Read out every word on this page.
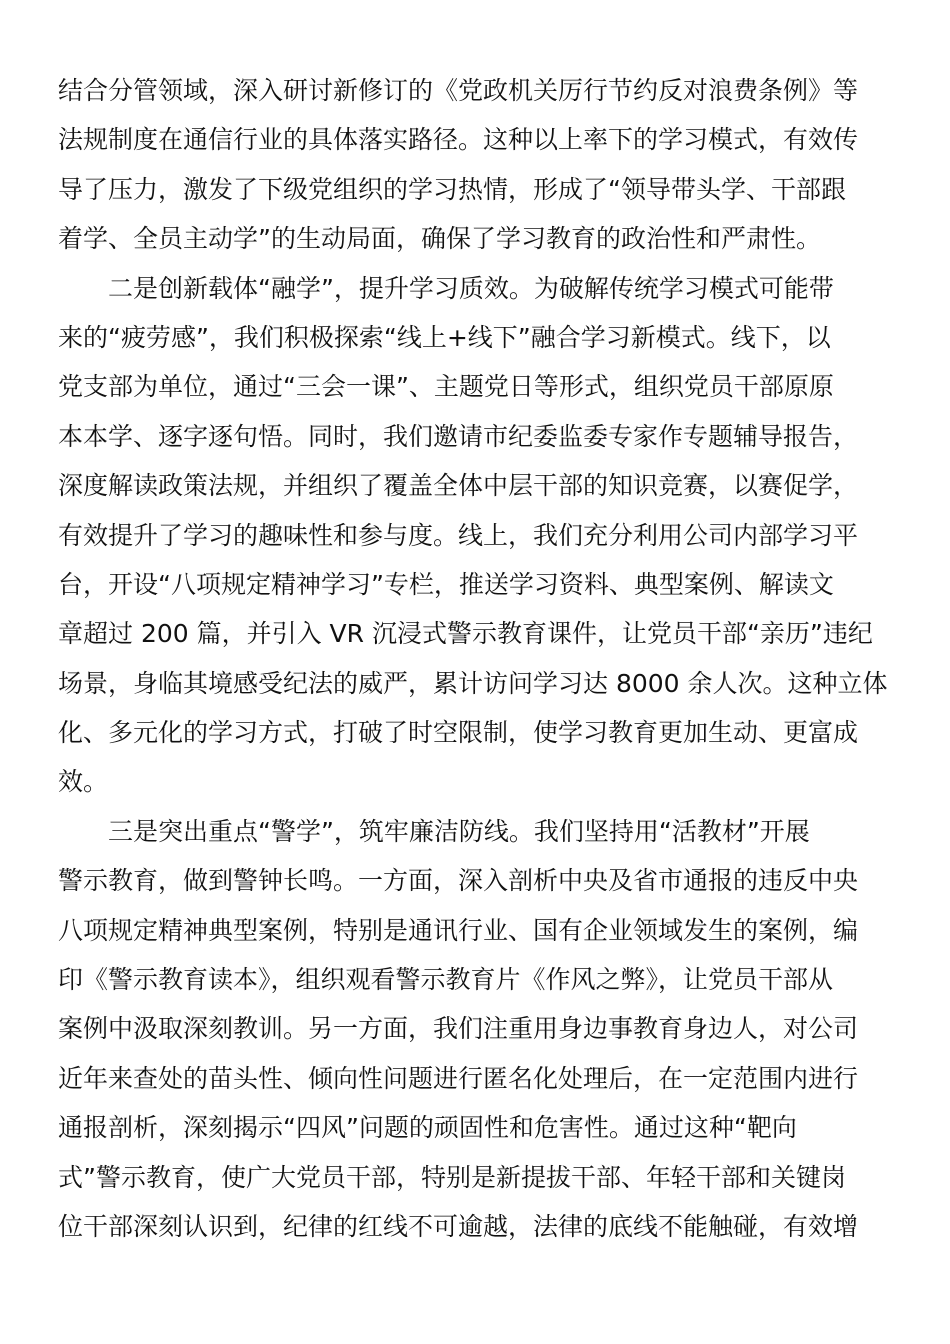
结合分管领域，深入研讨新修订的《党政机关厉行节约反对浪费条例》等
法规制度在通信行业的具体落实路径。这种以上率下的学习模式，有效传
导了压力，激发了下级党组织的学习热情，形成了“领导带头学、干部跟
着学、全员主动学”的生动局面，确保了学习教育的政治性和严肃性。
二是创新载体“融学”，提升学习质效。为破解传统学习模式可能带
来的“疲劳感”，我们积极探索“线上+线下”融合学习新模式。线下，以
党支部为单位，通过“三会一课”、主题党日等形式，组织党员干部原原
本本学、逐字逐句悟。同时，我们邀请市纪委监委专家作专题辅导报告，
深度解读政策法规，并组织了覆盖全体中层干部的知识竞赛，以赛促学，
有效提升了学习的趣味性和参与度。线上，我们充分利用公司内部学习平
台，开设“八项规定精神学习”专栏，推送学习资料、典型案例、解读文
章超过 200 篇，并引入 VR 沉浸式警示教育课件，让党员干部“亲历”违纪
场景，身临其境感受纪法的威严，累计访问学习达 8000 余人次。这种立体
化、多元化的学习方式，打破了时空限制，使学习教育更加生动、更富成
效。
三是突出重点“警学”，筑牢廉洁防线。我们坚持用“活教材”开展
警示教育，做到警钟长鸣。一方面，深入剖析中央及省市通报的违反中央
八项规定精神典型案例，特别是通讯行业、国有企业领域发生的案例，编
印《警示教育读本》，组织观看警示教育片《作风之弊》，让党员干部从
案例中汲取深刻教训。另一方面，我们注重用身边事教育身边人，对公司
近年来查处的苗头性、倾向性问题进行匿名化处理后，在一定范围内进行
通报剖析，深刻揭示“四风”问题的顽固性和危害性。通过这种“靶向
式”警示教育，使广大党员干部，特别是新提拔干部、年轻干部和关键岗
位干部深刻认识到，纪律的红线不可逾越，法律的底线不能触碰，有效增
